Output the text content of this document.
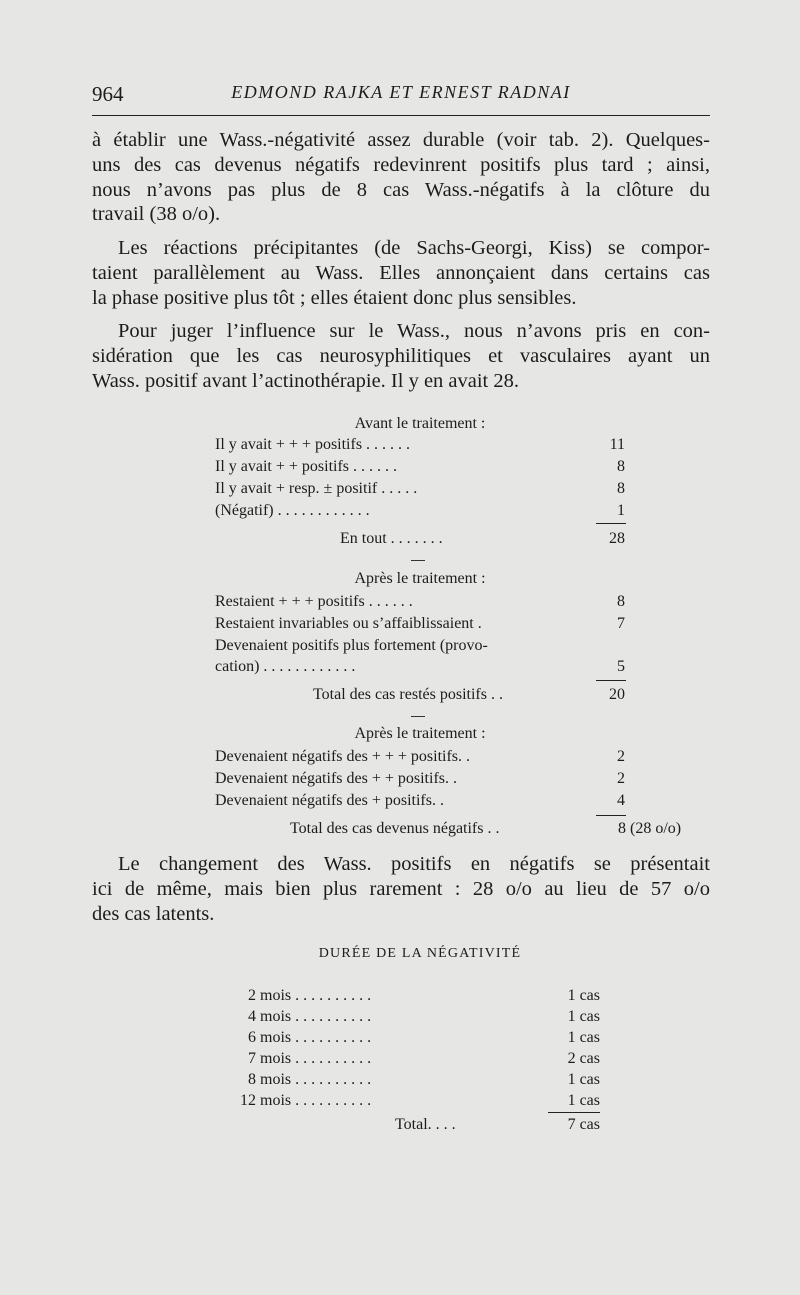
964	EDMOND RAJKA ET ERNEST RADNAI
à établir une Wass.-négativité assez durable (voir tab. 2). Quelques-
uns des cas devenus négatifs redevinrent positifs plus tard ; ainsi,
nous n’avons pas plus de 8 cas Wass.-négatifs à la clôture du
travail (38 o/o).
Les réactions précipitantes (de Sachs-Georgi, Kiss) se compor-
taient parallèlement au Wass. Elles annonçaient dans certains cas
la phase positive plus tôt ; elles étaient donc plus sensibles.
Pour juger l’influence sur le Wass., nous n’avons pris en con-
sidération que les cas neurosyphilitiques et vasculaires ayant un
Wass. positif avant l’actinothérapie. Il y en avait 28.
Avant le traitement :
Il y avait + + + positifs . . . . . .	11
Il y avait + + positifs . . . . . .	8
Il y avait + resp. ± positif . . . . .	8
(Négatif) . . . . . . . . . . . .	1
En tout . . . . . . .	28
Après le traitement :
Restaient + + + positifs . . . . . .	8
Restaient invariables ou s’affaiblissaient .	7
Devenaient positifs plus fortement (provo-
cation) . . . . . . . . . . . .	5
Total des cas restés positifs . .	20
Après le traitement :
Devenaient négatifs des + + + positifs. .	2
Devenaient négatifs des + + positifs. .	2
Devenaient négatifs des + positifs. .	4
Total des cas devenus négatifs . .	8 (28 o/o)
Le changement des Wass. positifs en négatifs se présentait
ici de même, mais bien plus rarement : 28 o/o au lieu de 57 o/o
des cas latents.
DURÉE DE LA NÉGATIVITÉ
2 mois . . . . . . . . . .	1 cas
4 mois . . . . . . . . . .	1 cas
6 mois . . . . . . . . . .	1 cas
7 mois . . . . . . . . . .	2 cas
8 mois . . . . . . . . . .	1 cas
12 mois . . . . . . . . . .	1 cas
Total. . . .	7 cas
